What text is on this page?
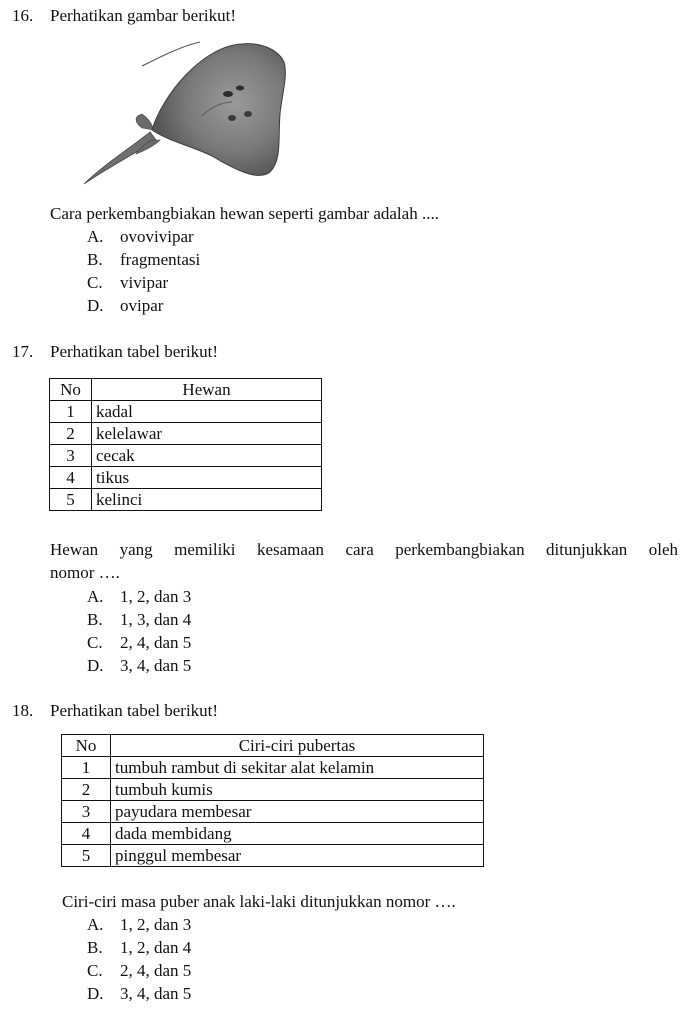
16. Perhatikan gambar berikut!
Cara perkembangbiakan hewan seperti gambar adalah ....
A. ovovivipar
B. fragmentasi
C. vivipar
D. ovipar
17. Perhatikan tabel berikut!
No	Hewan
1	kadal
2	kelelawar
3	cecak
4	tikus
5	kelinci
Hewan yang memiliki kesamaan cara perkembangbiakan ditunjukkan oleh
nomor ….
A. 1, 2, dan 3
B. 1, 3, dan 4
C. 2, 4, dan 5
D. 3, 4, dan 5
18. Perhatikan tabel berikut!
No	Ciri-ciri pubertas
1	tumbuh rambut di sekitar alat kelamin
2	tumbuh kumis
3	payudara membesar
4	dada membidang
5	pinggul membesar
Ciri-ciri masa puber anak laki-laki ditunjukkan nomor ….
A. 1, 2, dan 3
B. 1, 2, dan 4
C. 2, 4, dan 5
D. 3, 4, dan 5
